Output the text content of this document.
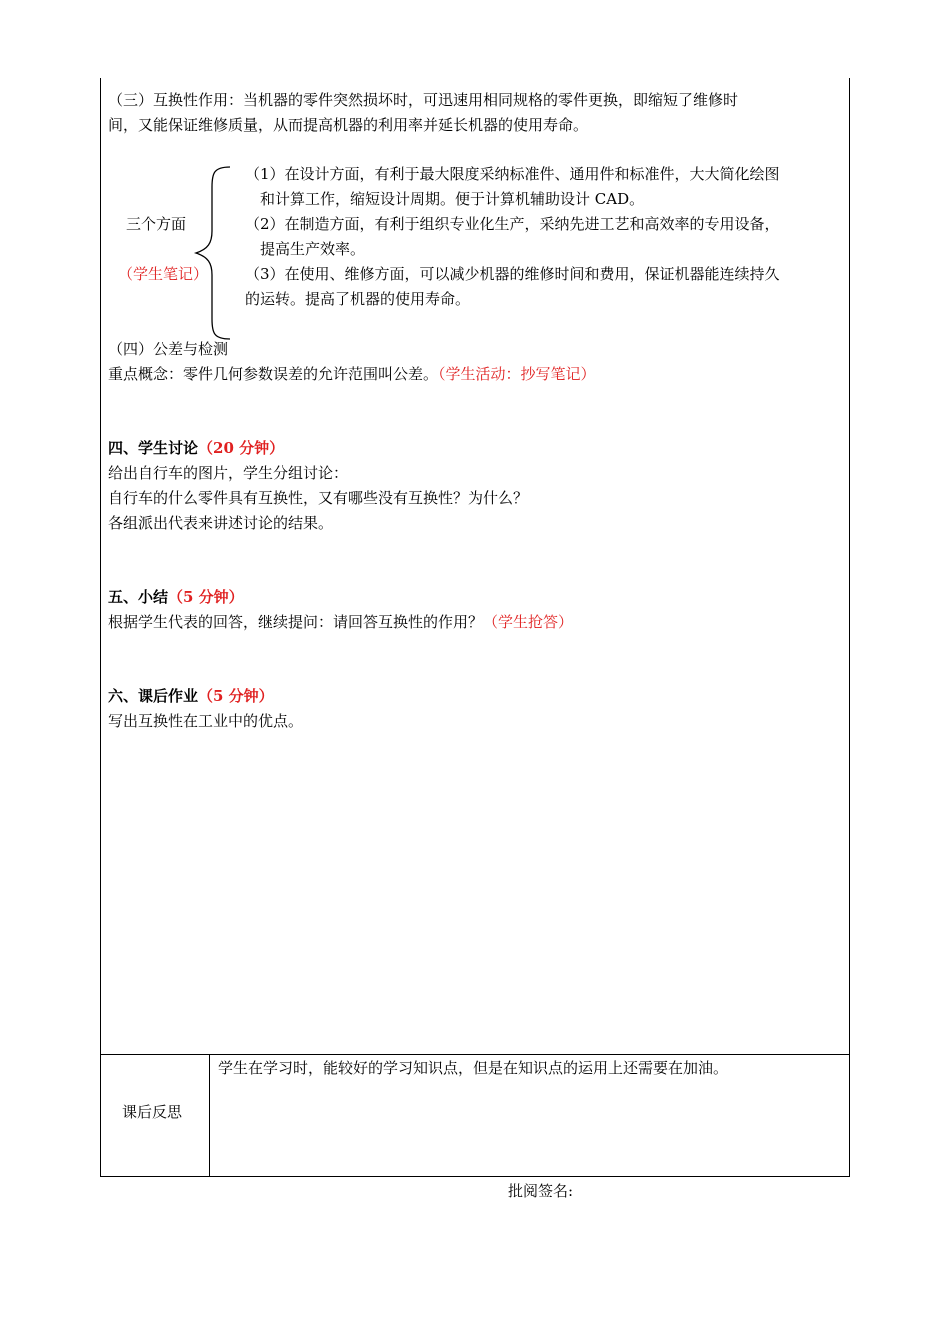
（三）互换性作用：当机器的零件突然损坏时，可迅速用相同规格的零件更换，即缩短了维修时
间，又能保证维修质量，从而提高机器的利用率并延长机器的使用寿命。
三个方面
（学生笔记）
（1）在设计方面，有利于最大限度采纳标准件、通用件和标准件，大大简化绘图
和计算工作，缩短设计周期。便于计算机辅助设计 CAD。
（2）在制造方面，有利于组织专业化生产，采纳先进工艺和高效率的专用设备，
提高生产效率。
（3）在使用、维修方面，可以减少机器的维修时间和费用，保证机器能连续持久
的运转。提高了机器的使用寿命。
（四）公差与检测
重点概念：零件几何参数误差的允许范围叫公差。（学生活动：抄写笔记）
四、学生讨论（20 分钟）
给出自行车的图片，学生分组讨论：
自行车的什么零件具有互换性，又有哪些没有互换性？为什么？
各组派出代表来讲述讨论的结果。
五、小结（5 分钟）
根据学生代表的回答，继续提问：请回答互换性的作用？（学生抢答）
六、课后作业（5 分钟）
写出互换性在工业中的优点。
课后反思
学生在学习时，能较好的学习知识点，但是在知识点的运用上还需要在加油。
批阅签名:
